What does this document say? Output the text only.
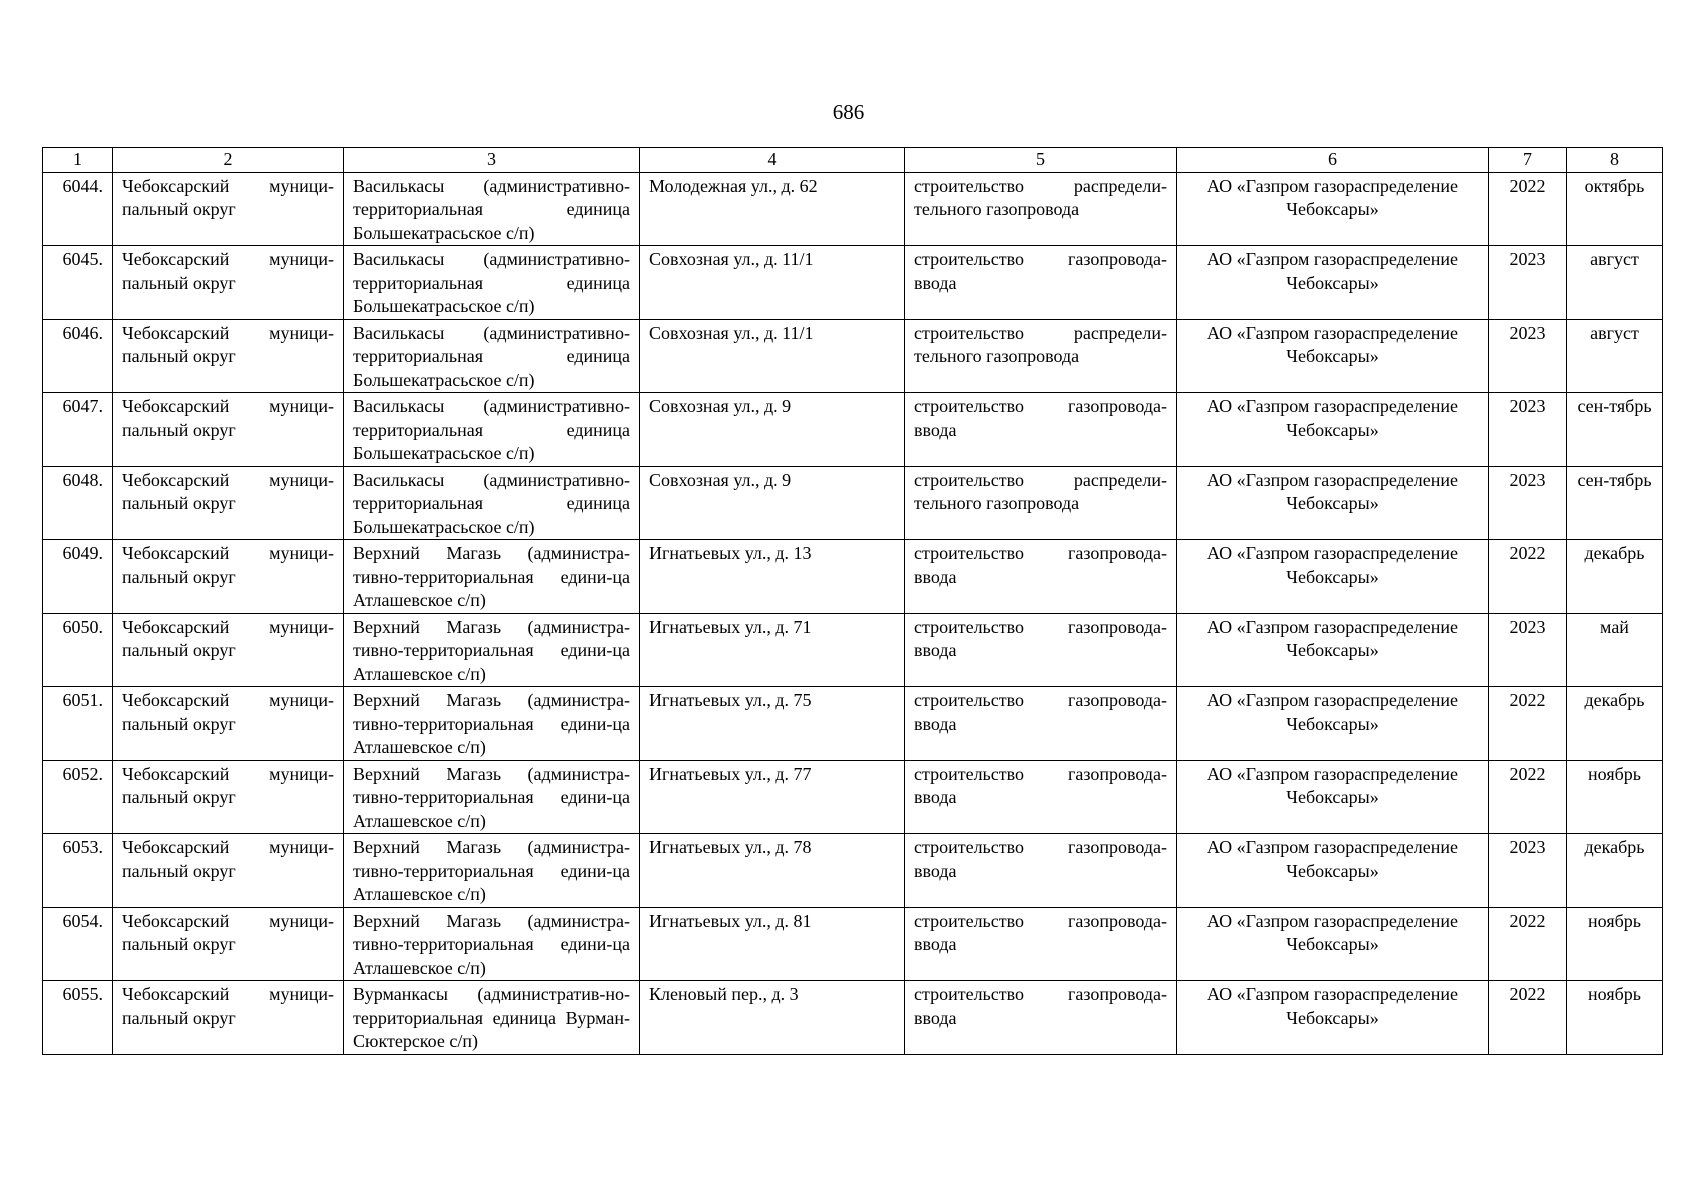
686
1	2	3	4	5	6	7	8
6044.	Чебоксарский муници-пальный округ	Василькасы (административно-территориальная единица Большекатрасьское с/п)	Молодежная ул., д. 62	строительство распредели-тельного газопровода	АО «Газпром газораспределение Чебоксары»	2022	октябрь
6045.	Чебоксарский муници-пальный округ	Василькасы (административно-территориальная единица Большекатрасьское с/п)	Совхозная ул., д. 11/1	строительство газопровода-ввода	АО «Газпром газораспределение Чебоксары»	2023	август
6046.	Чебоксарский муници-пальный округ	Василькасы (административно-территориальная единица Большекатрасьское с/п)	Совхозная ул., д. 11/1	строительство распредели-тельного газопровода	АО «Газпром газораспределение Чебоксары»	2023	август
6047.	Чебоксарский муници-пальный округ	Василькасы (административно-территориальная единица Большекатрасьское с/п)	Совхозная ул., д. 9	строительство газопровода-ввода	АО «Газпром газораспределение Чебоксары»	2023	сен-тябрь
6048.	Чебоксарский муници-пальный округ	Василькасы (административно-территориальная единица Большекатрасьское с/п)	Совхозная ул., д. 9	строительство распредели-тельного газопровода	АО «Газпром газораспределение Чебоксары»	2023	сен-тябрь
6049.	Чебоксарский муници-пальный округ	Верхний Магазь (администра-тивно-территориальная едини-ца Атлашевское с/п)	Игнатьевых ул., д. 13	строительство газопровода-ввода	АО «Газпром газораспределение Чебоксары»	2022	декабрь
6050.	Чебоксарский муници-пальный округ	Верхний Магазь (администра-тивно-территориальная едини-ца Атлашевское с/п)	Игнатьевых ул., д. 71	строительство газопровода-ввода	АО «Газпром газораспределение Чебоксары»	2023	май
6051.	Чебоксарский муници-пальный округ	Верхний Магазь (администра-тивно-территориальная едини-ца Атлашевское с/п)	Игнатьевых ул., д. 75	строительство газопровода-ввода	АО «Газпром газораспределение Чебоксары»	2022	декабрь
6052.	Чебоксарский муници-пальный округ	Верхний Магазь (администра-тивно-территориальная едини-ца Атлашевское с/п)	Игнатьевых ул., д. 77	строительство газопровода-ввода	АО «Газпром газораспределение Чебоксары»	2022	ноябрь
6053.	Чебоксарский муници-пальный округ	Верхний Магазь (администра-тивно-территориальная едини-ца Атлашевское с/п)	Игнатьевых ул., д. 78	строительство газопровода-ввода	АО «Газпром газораспределение Чебоксары»	2023	декабрь
6054.	Чебоксарский муници-пальный округ	Верхний Магазь (администра-тивно-территориальная едини-ца Атлашевское с/п)	Игнатьевых ул., д. 81	строительство газопровода-ввода	АО «Газпром газораспределение Чебоксары»	2022	ноябрь
6055.	Чебоксарский муници-пальный округ	Вурманкасы (административ-но-территориальная единица Вурман-Сюктерское с/п)	Кленовый пер., д. 3	строительство газопровода-ввода	АО «Газпром газораспределение Чебоксары»	2022	ноябрь
